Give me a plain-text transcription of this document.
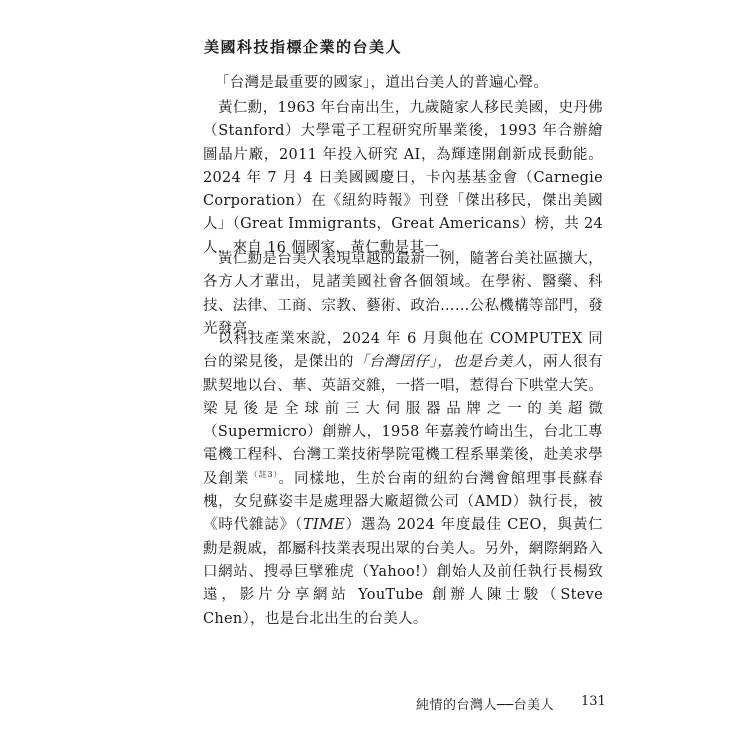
美國科技指標企業的台美人
「台灣是最重要的國家」，道出台美人的普遍心聲。

黃仁勳，1963 年台南出生，九歲隨家人移民美國，史丹佛（Stanford）大學電子工程研究所畢業後，1993 年合辦繪圖晶片廠，2011 年投入研究 AI，為輝達開創新成長動能。2024 年 7 月 4 日美國國慶日，卡內基基金會（Carnegie Corporation）在《紐約時報》刊登「傑出移民，傑出美國人」（Great Immigrants，Great Americans）榜，共 24 人，來自 16 個國家，黃仁勳是其一。

黃仁勳是台美人表現卓越的最新一例，隨著台美社區擴大，各方人才輩出，見諸美國社會各個領域。在學術、醫藥、科技、法律、工商、宗教、藝術、政治……公私機構等部門，發光發亮。

以科技產業來說，2024 年 6 月與他在 COMPUTEX 同台的梁見後，是傑出的「台灣囝仔」，也是台美人，兩人很有默契地以台、華、英語交雜，一搭一唱，惹得台下哄堂大笑。梁見後是全球前三大伺服器品牌之一的美超微（Supermicro）創辦人，1958 年嘉義竹崎出生，台北工專電機工程科、台灣工業技術學院電機工程系畢業後，赴美求學及創業$^{(註3)}$。同樣地，生於台南的紐約台灣會館理事長蘇春槐，女兒蘇姿丰是處理器大廠超微公司（AMD）執行長，被《時代雜誌》（TIME）選為 2024 年度最佳 CEO，與黃仁勳是親戚，都屬科技業表現出眾的台美人。另外，網際網路入口網站、搜尋巨擘雅虎（Yahoo!）創始人及前任執行長楊致遠，影片分享網站 YouTube 創辦人陳士駿（Steve Chen），也是台北出生的台美人。

純情的台灣人──台美人 131
